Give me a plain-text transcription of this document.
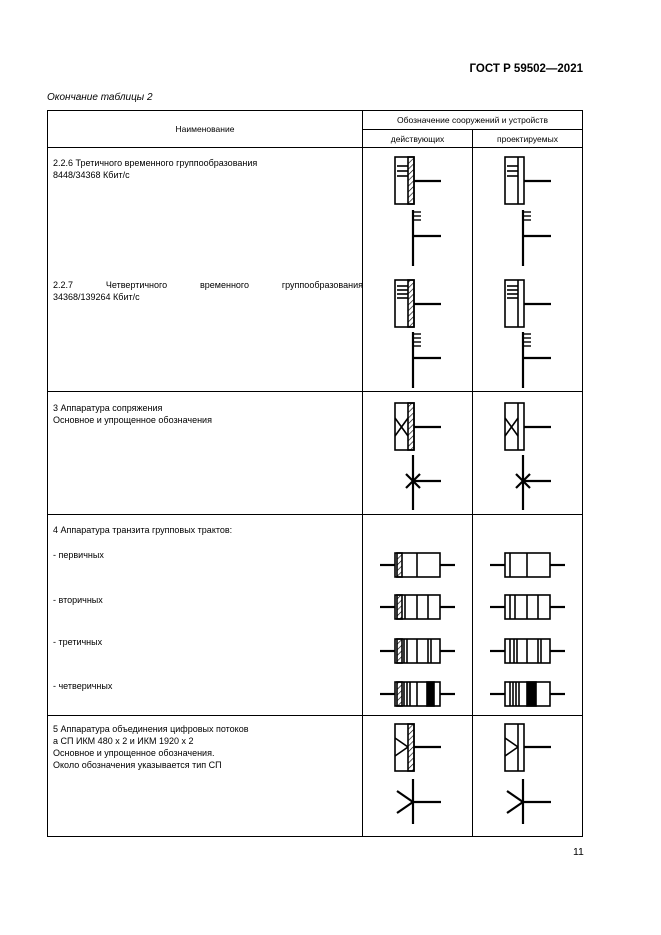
ГОСТ Р 59502—2021
Окончание таблицы 2
Наименование
Обозначение сооружений и устройств
действующих	проектируемых
2.2.6 Третичного временного группообразования
8448/34368 Кбит/с
2.2.7	Четвертичного	временного	группообразования
34368/139264 Кбит/с
3 Аппаратура сопряжения
Основное и упрощенное обозначения
4 Аппаратура транзита групповых трактов:
- первичных
- вторичных
- третичных
- четверичных
5 Аппаратура объединения цифровых потоков
а СП ИКМ 480 х 2 и ИКМ 1920 х 2
Основное и упрощенное обозначения.
Около обозначения указывается тип СП
11
